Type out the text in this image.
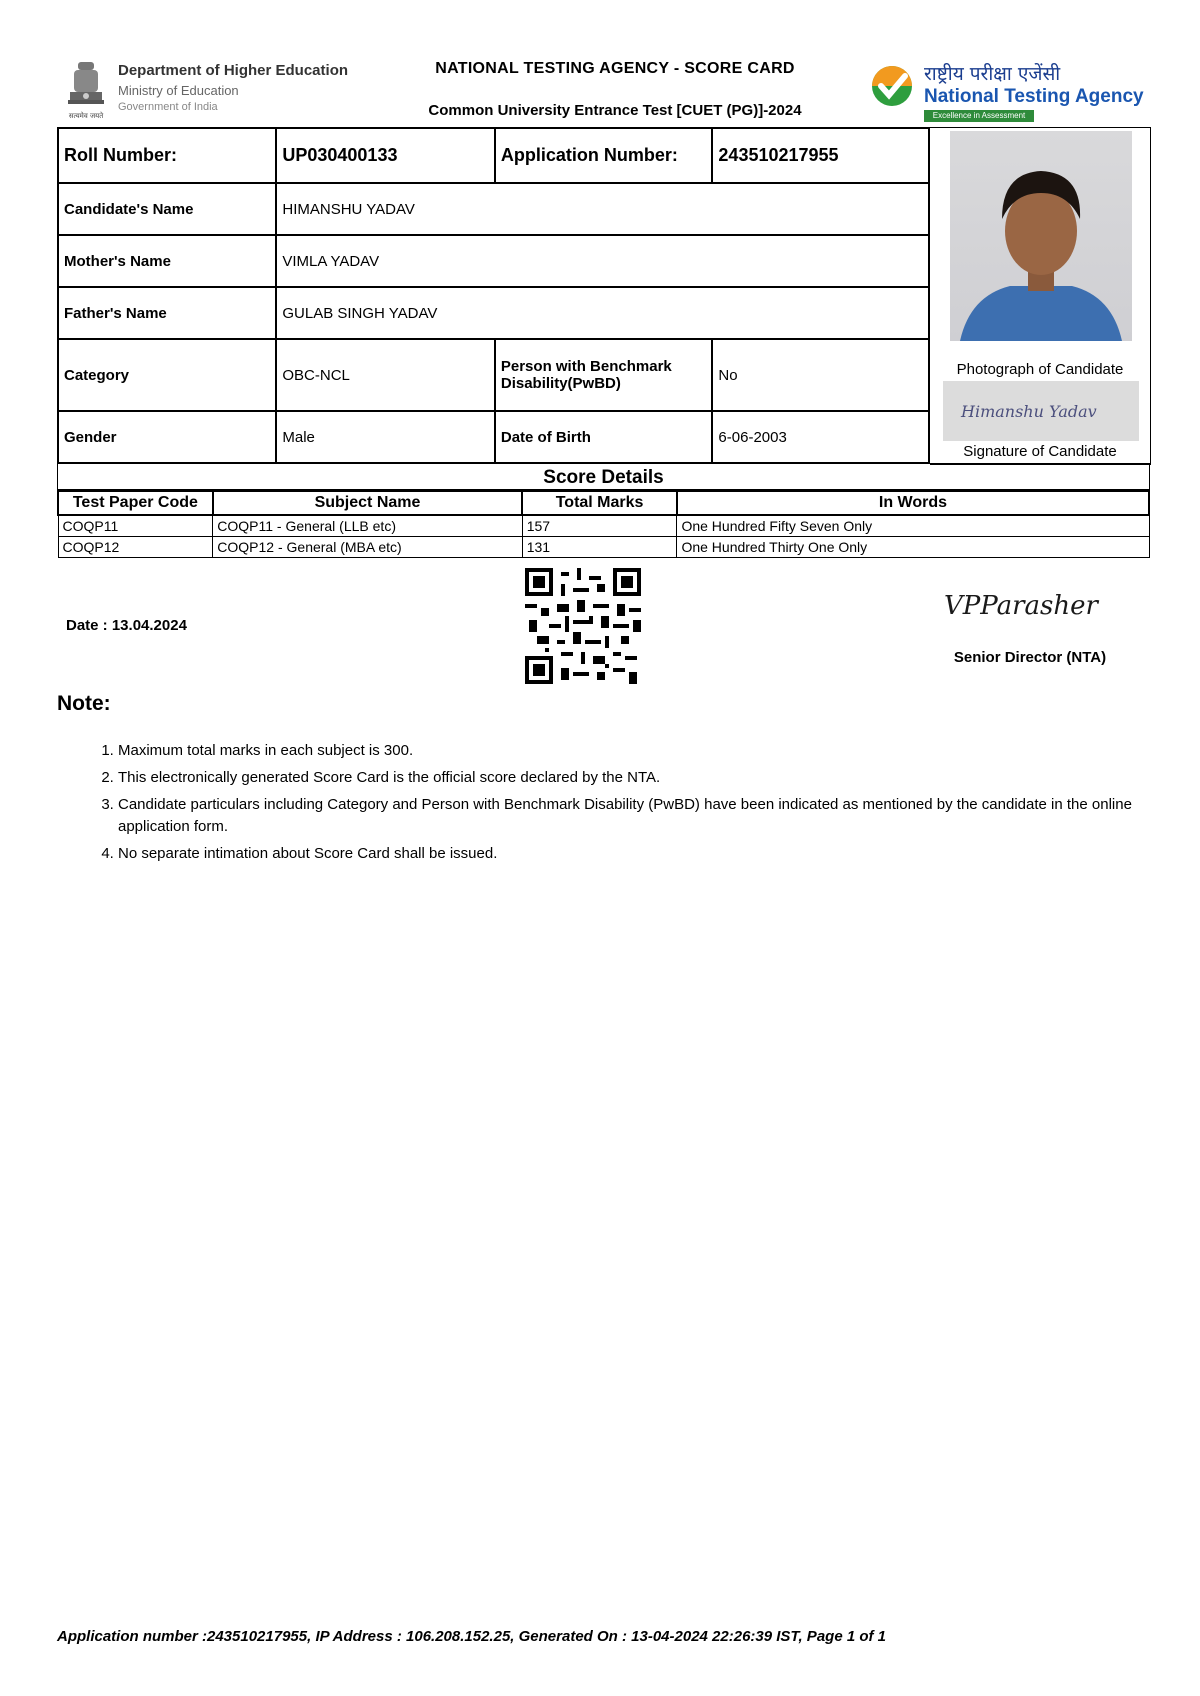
सत्यमेव जयते
Department of Higher Education
Ministry of Education
Government of India
NATIONAL TESTING AGENCY - SCORE CARD
Common University Entrance Test [CUET (PG)]-2024
राष्ट्रीय परीक्षा एजेंसी
National Testing Agency
Excellence in Assessment
Roll Number:	UP030400133	Application Number:	243510217955
Candidate's Name	HIMANSHU YADAV		
Mother's Name	VIMLA YADAV		
Father's Name	GULAB SINGH YADAV		
Category	OBC-NCL	Person with Benchmark Disability(PwBD)	No
Gender	Male	Date of Birth	6-06-2003
Photograph of Candidate
Himanshu Yadav
Signature of Candidate
Score Details
Test Paper Code	Subject Name	Total Marks	In Words
COQP11	COQP11 - General (LLB etc)	157	One Hundred Fifty Seven Only
COQP12	COQP12 - General (MBA etc)	131	One Hundred Thirty One Only
Date : 13.04.2024
VPParasher
Senior Director (NTA)
Note:
1. Maximum total marks in each subject is 300.
2. This electronically generated Score Card is the official score declared by the NTA.
3. Candidate particulars including Category and Person with Benchmark Disability (PwBD) have been indicated as mentioned by the candidate in the online application form.
4. No separate intimation about Score Card shall be issued.
Application number :243510217955, IP Address : 106.208.152.25, Generated On : 13-04-2024 22:26:39 IST, Page 1 of 1
